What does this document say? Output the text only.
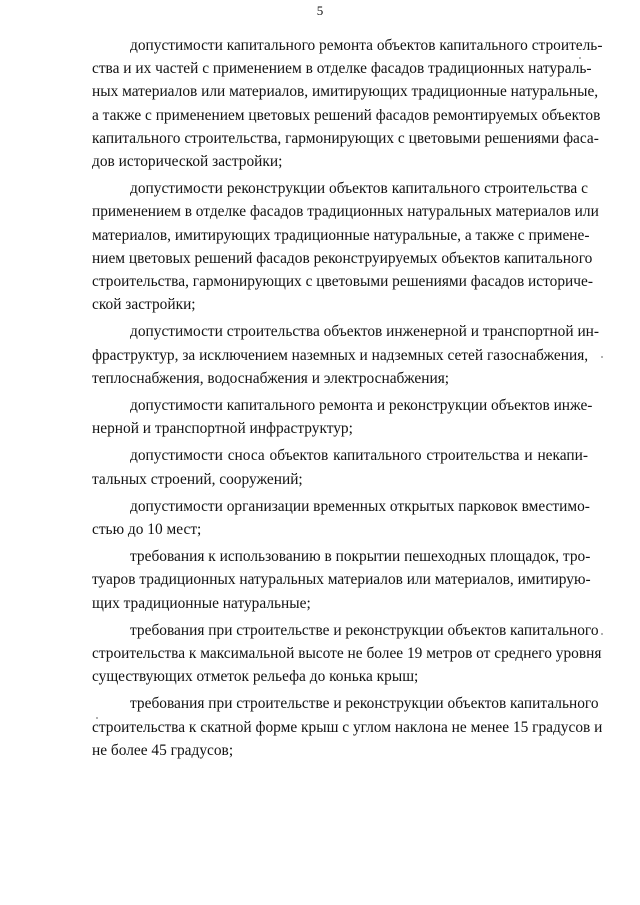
5

допустимости капитального ремонта объектов капитального строитель-
ства и их частей с применением в отделке фасадов традиционных натураль-
ных материалов или материалов, имитирующих традиционные натуральные,
а также с применением цветовых решений фасадов ремонтируемых объектов
капитального строительства, гармонирующих с цветовыми решениями фаса-
дов исторической застройки;

допустимости реконструкции объектов капитального строительства с
применением в отделке фасадов традиционных натуральных материалов или
материалов, имитирующих традиционные натуральные, а также с примене-
нием цветовых решений фасадов реконструируемых объектов капитального
строительства, гармонирующих с цветовыми решениями фасадов историче-
ской застройки;

допустимости строительства объектов инженерной и транспортной ин-
фраструктур, за исключением наземных и надземных сетей газоснабжения,
теплоснабжения, водоснабжения и электроснабжения;

допустимости капитального ремонта и реконструкции объектов инже-
нерной и транспортной инфраструктур;

допустимости сноса объектов капитального строительства и некапи-
тальных строений, сооружений;

допустимости организации временных открытых парковок вместимо-
стью до 10 мест;

требования к использованию в покрытии пешеходных площадок, тро-
туаров традиционных натуральных материалов или материалов, имитирую-
щих традиционные натуральные;

требования при строительстве и реконструкции объектов капитального
строительства к максимальной высоте не более 19 метров от среднего уровня
существующих отметок рельефа до конька крыш;

требования при строительстве и реконструкции объектов капитального
строительства к скатной форме крыш с углом наклона не менее 15 градусов и
не более 45 градусов;
